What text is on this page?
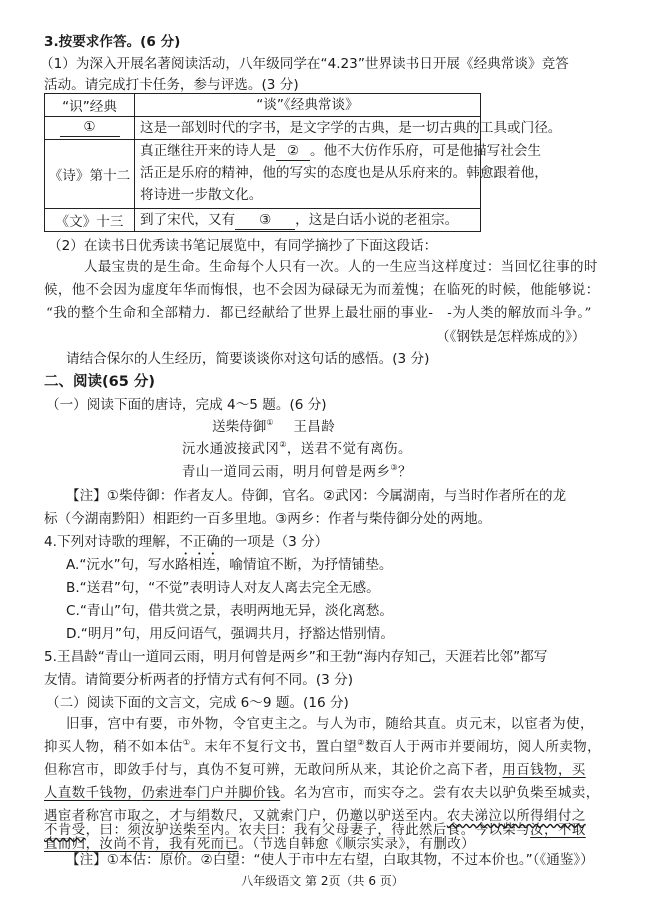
3.按要求作答。(6 分)
（1）为深入开展名著阅读活动，八年级同学在“4.23”世界读书日开展《经典常谈》竞答
活动。请完成打卡任务，参与评选。(3 分)
“识”经典	“谈”《经典常谈》
①	这是一部划时代的字书，是文字学的古典，是一切古典的工具或门径。
《诗》第十二
真正继往开来的诗人是 ② 。他不大仿作乐府，可是他描写社会生
活正是乐府的精神，他的写实的态度也是从乐府来的。韩愈跟着他，
将诗进一步散文化。
《文》十三	到了宋代，又有 ③ ，这是白话小说的老祖宗。
（2）在读书日优秀读书笔记展览中，有同学摘抄了下面这段话：
人最宝贵的是生命。生命每个人只有一次。人的一生应当这样度过：当回忆往事的时
候，他不会因为虚度年华而悔恨，也不会因为碌碌无为而羞愧；在临死的时候，他能够说：
“我的整个生命和全部精力．都已经献给了世界上最壮丽的事业-　-为人类的解放而斗争。”
（《钢铁是怎样炼成的》）
请结合保尔的人生经历，简要谈谈你对这句话的感悟。(3 分)
二、阅读(65 分)
（一）阅读下面的唐诗，完成 4～5 题。(6 分)
送柴侍御① 王昌龄
沅水通波接武冈②，送君不觉有离伤。
青山一道同云雨，明月何曾是两乡③？
【注】①柴侍御：作者友人。侍御，官名。②武冈：今属湖南，与当时作者所在的龙
标（今湖南黔阳）相距约一百多里地。③两乡：作者与柴侍御分处的两地。
4.下列对诗歌的理解，不正确的一项是（3 分）
A.“沅水”句，写水路相连，喻情谊不断，为抒情铺垫。
B.“送君”句，“不觉”表明诗人对友人离去完全无感。
C.“青山”句，借共赏之景，表明两地无异，淡化离愁。
D.“明月”句，用反问语气，强调共月，抒豁达惜别情。
5.王昌龄“青山一道同云雨，明月何曾是两乡”和王勃“海内存知己，天涯若比邻”都写
友情。请简要分析两者的抒情方式有何不同。(3 分)
（二）阅读下面的文言文，完成 6～9 题。(16 分)
旧事，宫中有要，市外物，令官吏主之。与人为市，随给其直。贞元末，以宦者为使，
抑买人物，稍不如本估①。末年不复行文书，置白望②数百人于两市并要闹坊，阅人所卖物，
但称宫市，即敛手付与，真伪不复可辨，无敢问所从来，其论价之高下者，用百钱物，买
人直数千钱物，仍索进奉门户并脚价钱。名为宫市，而实夺之。尝有农夫以驴负柴至城卖，
遇宦者称宫市取之，才与绢数尺，又就索门户，仍邀以驴送至内。农夫涕泣以所得绢付之
不肯受，曰：须汝驴送柴至内。农夫曰：我有父母妻子，待此然后食。今以柴与汝，不取
直而归，汝尚不肯，我有死而已。（节选自韩愈《顺宗实录》，有删改）
【注】①本估：原价。②白望：“使人于市中左右望，白取其物，不过本价也。”（《通鉴》）
八年级语文 第 2页（共 6 页）
